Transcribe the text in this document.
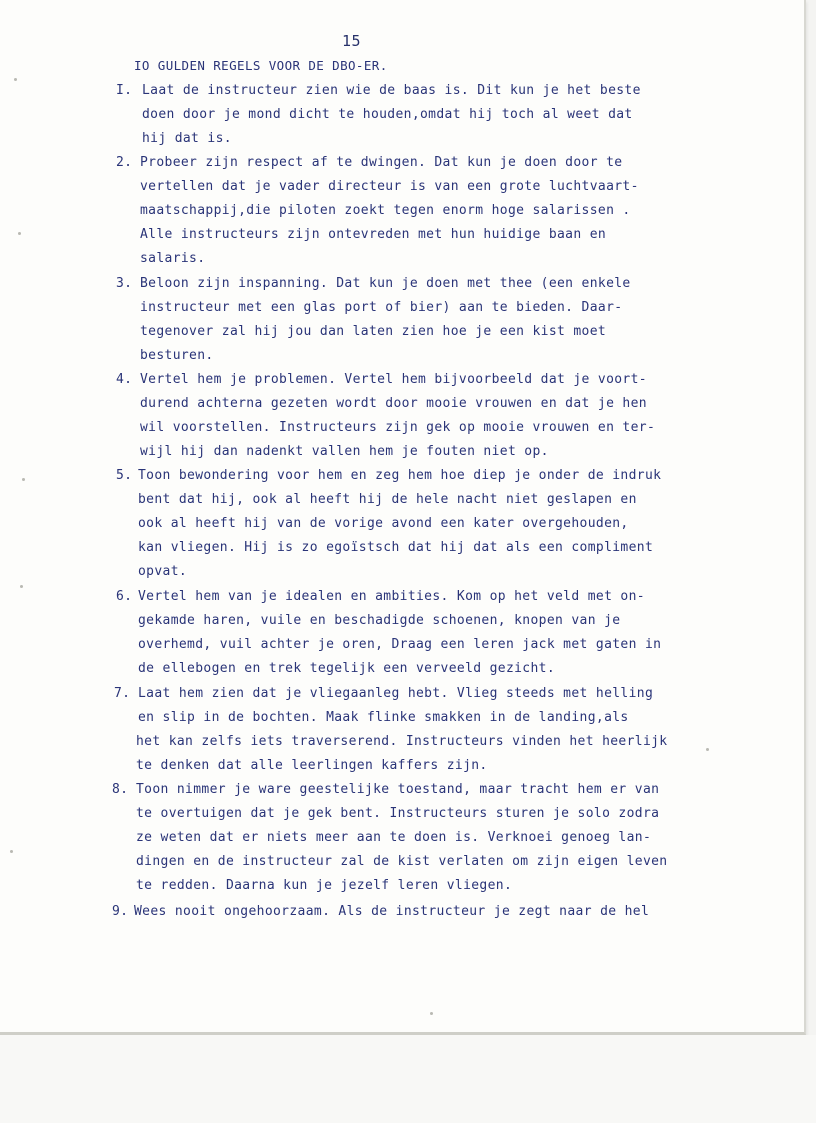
15
IO GULDEN REGELS VOOR DE DBO-ER.
I. Laat de instructeur zien wie de baas is. Dit kun je het beste
doen door je mond dicht te houden,omdat hij toch al weet dat
hij dat is.
2. Probeer zijn respect af te dwingen. Dat kun je doen door te
vertellen dat je vader directeur is van een grote luchtvaart-
maatschappij,die piloten zoekt tegen enorm hoge salarissen .
Alle instructeurs zijn ontevreden met hun huidige baan en
salaris.
3. Beloon zijn inspanning. Dat kun je doen met thee (een enkele
instructeur met een glas port of bier) aan te bieden. Daar-
tegenover zal hij jou dan laten zien hoe je een kist moet
besturen.
4. Vertel hem je problemen. Vertel hem bijvoorbeeld dat je voort-
durend achterna gezeten wordt door mooie vrouwen en dat je hen
wil voorstellen. Instructeurs zijn gek op mooie vrouwen en ter-
wijl hij dan nadenkt vallen hem je fouten niet op.
5. Toon bewondering voor hem en zeg hem hoe diep je onder de indruk
bent dat hij, ook al heeft hij de hele nacht niet geslapen en
ook al heeft hij van de vorige avond een kater overgehouden,
kan vliegen. Hij is zo egoïstsch dat hij dat als een compliment
opvat.
6. Vertel hem van je idealen en ambities. Kom op het veld met on-
gekamde haren, vuile en beschadigde schoenen, knopen van je
overhemd, vuil achter je oren, Draag een leren jack met gaten in
de ellebogen en trek tegelijk een verveeld gezicht.
7. Laat hem zien dat je vliegaanleg hebt. Vlieg steeds met helling
en slip in de bochten. Maak flinke smakken in de landing,als
het kan zelfs iets traverserend. Instructeurs vinden het heerlijk
te denken dat alle leerlingen kaffers zijn.
8. Toon nimmer je ware geestelijke toestand, maar tracht hem er van
te overtuigen dat je gek bent. Instructeurs sturen je solo zodra
ze weten dat er niets meer aan te doen is. Verknoei genoeg lan-
dingen en de instructeur zal de kist verlaten om zijn eigen leven
te redden. Daarna kun je jezelf leren vliegen.
9. Wees nooit ongehoorzaam. Als de instructeur je zegt naar de hel
